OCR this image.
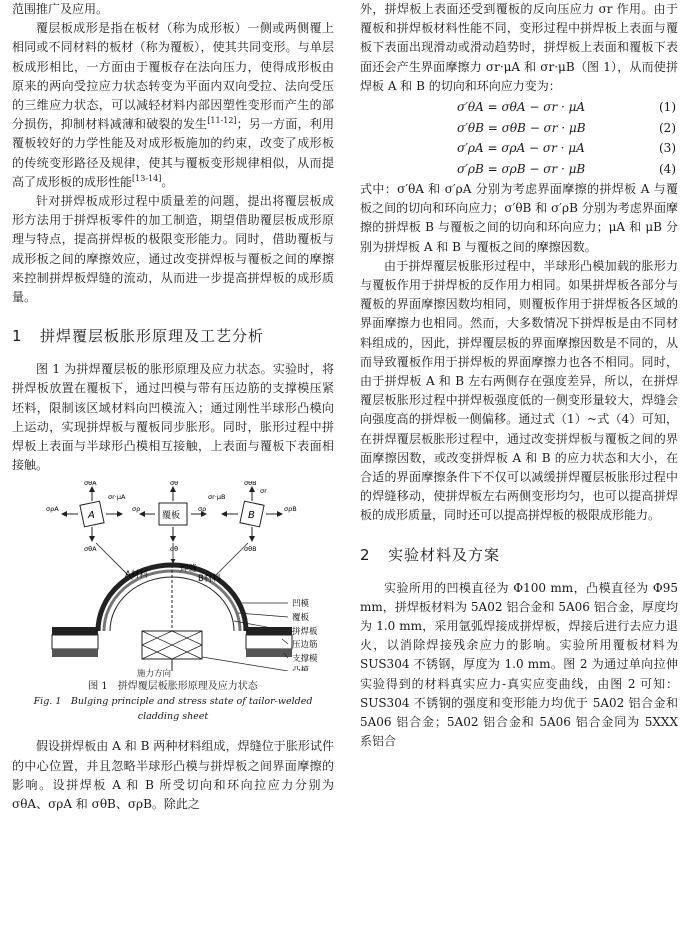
范围推广及应用。

覆层板成形是指在板材（称为成形板）一侧或两侧覆上相同或不同材料的板材（称为覆板），使其共同变形。与单层板成形相比，一方面由于覆板存在法向压力，使得成形板由原来的两向受拉应力状态转变为平面内双向受拉、法向受压的三维应力状态，可以减轻材料内部因塑性变形而产生的部分损伤，抑制材料减薄和破裂的发生[11-12]；另一方面，利用覆板较好的力学性能及对成形板施加的约束，改变了成形板的传统变形路径及规律，使其与覆板变形规律相似，从而提高了成形板的成形性能[13-14]。

针对拼焊板成形过程中质量差的问题，提出将覆层板成形方法用于拼焊板零件的加工制造，期望借助覆层板成形原理与特点，提高拼焊板的极限变形能力。同时，借助覆板与成形板之间的摩擦效应，通过改变拼焊板与覆板之间的摩擦来控制拼焊板焊缝的流动，从而进一步提高拼焊板的成形质量。

1 拼焊覆层板胀形原理及工艺分析

图 1 为拼焊覆层板的胀形原理及应力状态。实验时，将拼焊板放置在覆板下，通过凹模与带有压边筋的支撑模压紧坯料，限制该区域材料向凹模流入；通过刚性半球形凸模向上运动，实现拼焊板与覆板同步胀形。同时，胀形过程中拼焊板上表面与半球形凸模相互接触，上表面与覆板下表面相接触。

A
σθA
σθA
σρA
σr·μA
覆板
σθ
σθ
σρ	σρ
B
σθB
σθB
σρB
σr·μB
σr
A材料
焊缝
B材料
凹模
覆板
拼焊板
压边筋
支撑模
凸模
施力方向
图 1　拼焊覆层板胀形原理及应力状态
Fig. 1　Bulging principle and stress state of tailor-welded
cladding sheet

假设拼焊板由 A 和 B 两种材料组成，焊缝位于胀形试件的中心位置，并且忽略半球形凸模与拼焊板之间界面摩擦的影响。设拼焊板 A 和 B 所受切向和环向拉应力分别为 σθA、σρA 和 σθB、σρB。除此之

外，拼焊板上表面还受到覆板的反向压应力 σr 作用。由于覆板和拼焊板材料性能不同，变形过程中拼焊板上表面与覆板下表面出现滑动或滑动趋势时，拼焊板上表面和覆板下表面还会产生界面摩擦力 σr·μA 和 σr·μB（图 1），从而使拼焊板 A 和 B 的切向和环向应力变为：

σ′θA = σθA − σr · μA	(1)
σ′θB = σθB − σr · μB	(2)
σ′ρA = σρA − σr · μA	(3)
σ′ρB = σρB − σr · μB	(4)

式中：σ′θA 和 σ′ρA 分别为考虑界面摩擦的拼焊板 A 与覆板之间的切向和环向应力；σ′θB 和 σ′ρB 分别为考虑界面摩擦的拼焊板 B 与覆板之间的切向和环向应力；μA 和 μB 分别为拼焊板 A 和 B 与覆板之间的摩擦因数。

由于拼焊覆层板胀形过程中，半球形凸模加载的胀形力与覆板作用于拼焊板的反作用力相同。如果拼焊板各部分与覆板的界面摩擦因数均相同，则覆板作用于拼焊板各区域的界面摩擦力也相同。然而，大多数情况下拼焊板是由不同材料组成的，因此，拼焊覆层板的界面摩擦因数是不同的，从而导致覆板作用于拼焊板的界面摩擦力也各不相同。同时，由于拼焊板 A 和 B 左右两侧存在强度差异，所以，在拼焊覆层板胀形过程中拼焊板强度低的一侧变形量较大，焊缝会向强度高的拼焊板一侧偏移。通过式（1）~式（4）可知，在拼焊覆层板胀形过程中，通过改变拼焊板与覆板之间的界面摩擦因数，或改变拼焊板 A 和 B 的应力状态和大小，在合适的界面摩擦条件下不仅可以减缓拼焊覆层板胀形过程中的焊缝移动，使拼焊板左右两侧变形均匀，也可以提高拼焊板的成形质量，同时还可以提高拼焊板的极限成形能力。

2 实验材料及方案

实验所用的凹模直径为 Φ100 mm，凸模直径为 Φ95 mm，拼焊板材料为 5A02 铝合金和 5A06 铝合金，厚度均为 1.0 mm，采用氩弧焊接成拼焊板，焊接后进行去应力退火，以消除焊接残余应力的影响。实验所用覆板材料为 SUS304 不锈钢，厚度为 1.0 mm。图 2 为通过单向拉伸实验得到的材料真实应力-真实应变曲线，由图 2 可知：SUS304 不锈钢的强度和变形能力均优于 5A02 铝合金和 5A06 铝合金；5A02 铝合金和 5A06 铝合金同为 5XXX 系铝合
